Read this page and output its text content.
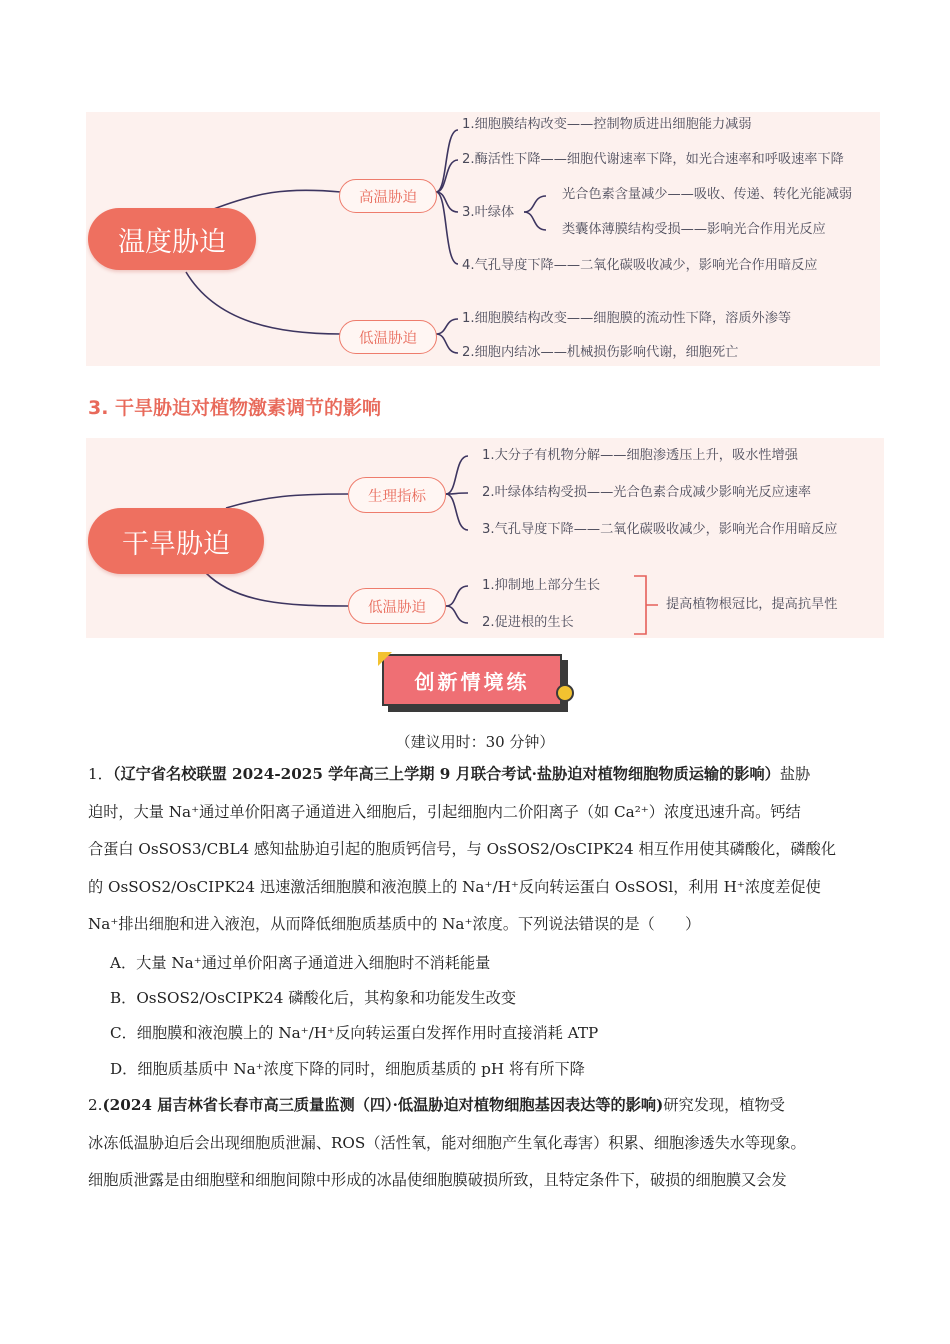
温度胁迫
高温胁迫
低温胁迫
1.细胞膜结构改变——控制物质进出细胞能力减弱
2.酶活性下降——细胞代谢速率下降，如光合速率和呼吸速率下降
3.叶绿体
光合色素含量减少——吸收、传递、转化光能减弱
类囊体薄膜结构受损——影响光合作用光反应
4.气孔导度下降——二氧化碳吸收减少，影响光合作用暗反应
1.细胞膜结构改变——细胞膜的流动性下降，溶质外渗等
2.细胞内结冰——机械损伤影响代谢，细胞死亡
3. 干旱胁迫对植物激素调节的影响
干旱胁迫
生理指标
低温胁迫
1.大分子有机物分解——细胞渗透压上升，吸水性增强
2.叶绿体结构受损——光合色素合成减少影响光反应速率
3.气孔导度下降——二氧化碳吸收减少，影响光合作用暗反应
1.抑制地上部分生长
2.促进根的生长
提高植物根冠比，提高抗旱性
创新情境练
（建议用时：30 分钟）
1．（辽宁省名校联盟 2024-2025 学年高三上学期 9 月联合考试·盐胁迫对植物细胞物质运输的影响）盐胁
迫时，大量 Na⁺通过单价阳离子通道进入细胞后，引起细胞内二价阳离子（如 Ca²⁺）浓度迅速升高。钙结
合蛋白 OsSOS3/CBL4 感知盐胁迫引起的胞质钙信号，与 OsSOS2/OsCIPK24 相互作用使其磷酸化，磷酸化
的 OsSOS2/OsCIPK24 迅速激活细胞膜和液泡膜上的 Na⁺/H⁺反向转运蛋白 OsSOSl，利用 H⁺浓度差促使
Na⁺排出细胞和进入液泡，从而降低细胞质基质中的 Na⁺浓度。下列说法错误的是（　　）
A．大量 Na⁺通过单价阳离子通道进入细胞时不消耗能量
B．OsSOS2/OsCIPK24 磷酸化后，其构象和功能发生改变
C．细胞膜和液泡膜上的 Na⁺/H⁺反向转运蛋白发挥作用时直接消耗 ATP
D．细胞质基质中 Na⁺浓度下降的同时，细胞质基质的 pH 将有所下降
2.(2024 届吉林省长春市高三质量监测（四）·低温胁迫对植物细胞基因表达等的影响)研究发现，植物受
冰冻低温胁迫后会出现细胞质泄漏、ROS（活性氧，能对细胞产生氧化毒害）积累、细胞渗透失水等现象。
细胞质泄露是由细胞壁和细胞间隙中形成的冰晶使细胞膜破损所致，且特定条件下，破损的细胞膜又会发
